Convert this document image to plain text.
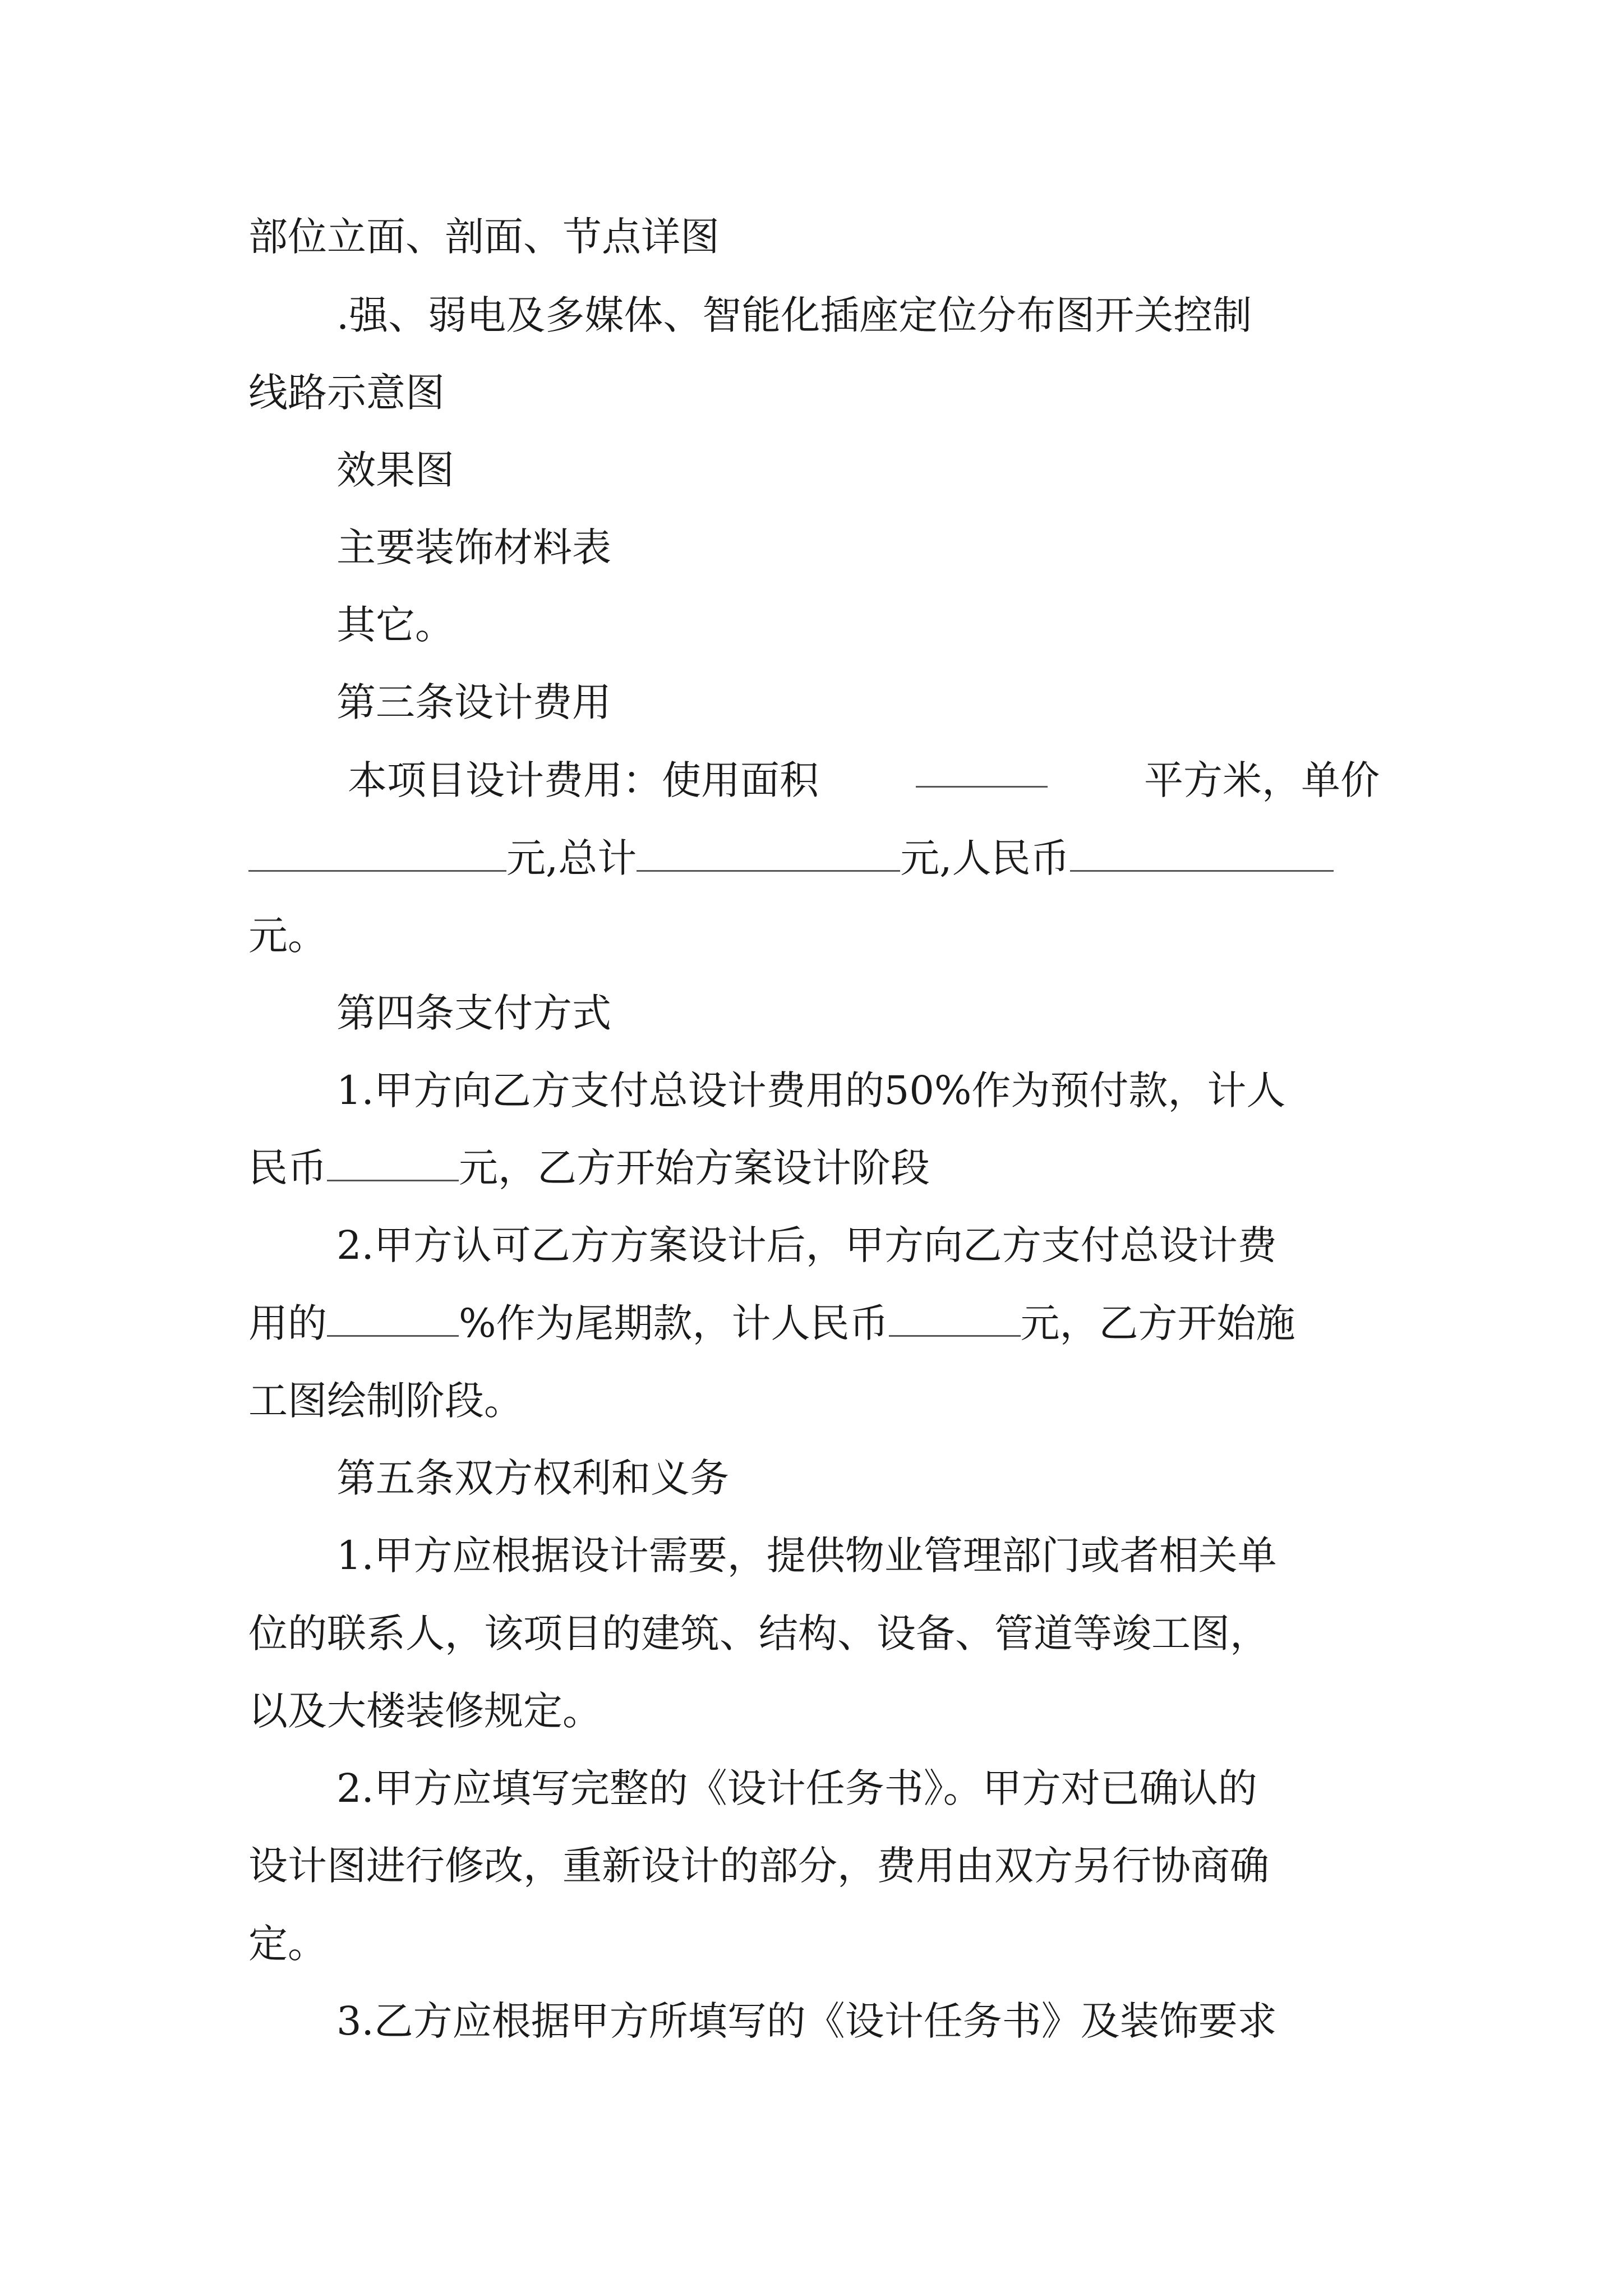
部位立面、剖面、节点详图
.强、弱电及多媒体、智能化插座定位分布图开关控制
线路示意图
效果图
主要装饰材料表
其它。
第三条设计费用
本项目设计费用：使用面积	平方米，单价
元,总计	元,人民币
元。
第四条支付方式
1.甲方向乙方支付总设计费用的50%作为预付款，计人
民币	元，乙方开始方案设计阶段
2.甲方认可乙方方案设计后，甲方向乙方支付总设计费
用的	%作为尾期款，计人民币	元，乙方开始施
工图绘制阶段。
第五条双方权利和义务
1.甲方应根据设计需要，提供物业管理部门或者相关单
位的联系人，该项目的建筑、结构、设备、管道等竣工图，
以及大楼装修规定。
2.甲方应填写完整的《设计任务书》。甲方对已确认的
设计图进行修改，重新设计的部分，费用由双方另行协商确
定。
3.乙方应根据甲方所填写的《设计任务书》及装饰要求
